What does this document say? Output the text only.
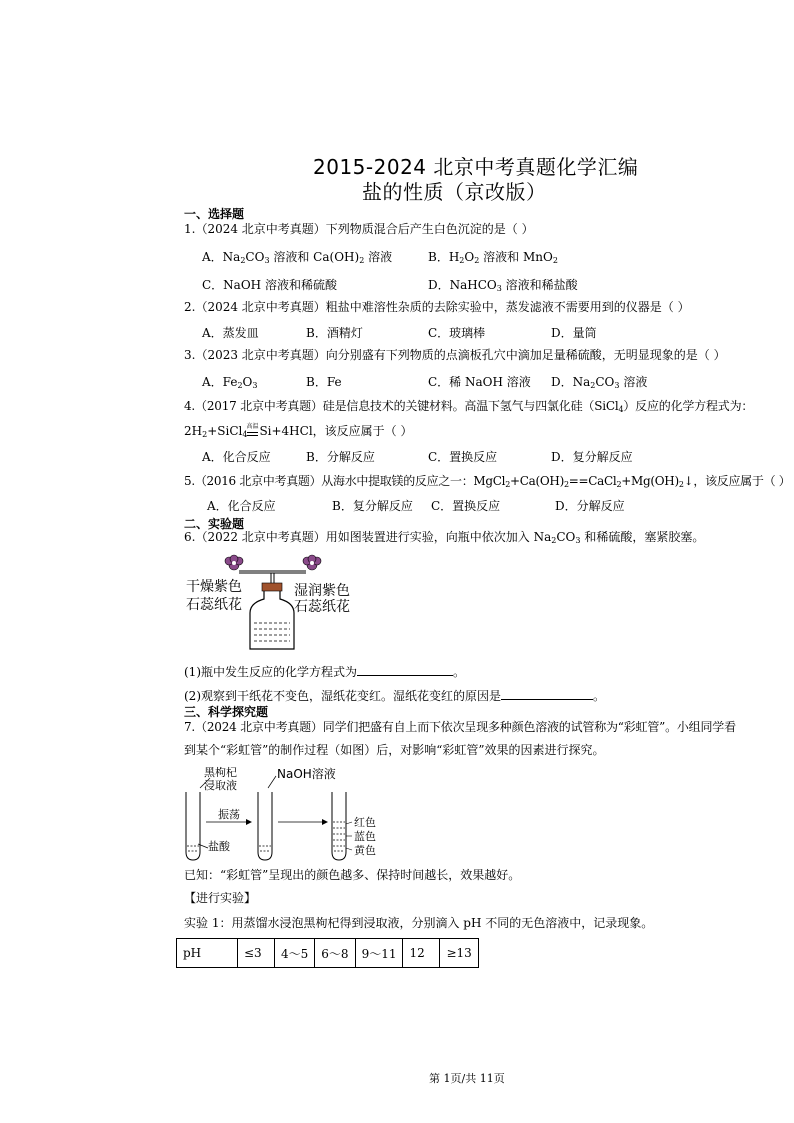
2015-2024 北京中考真题化学汇编
盐的性质（京改版）
一、选择题
1.（2024 北京中考真题）下列物质混合后产生白色沉淀的是（ ）
A．$Na_2CO_3$ 溶液和 $Ca(OH)_2$ 溶液	B．$H_2O_2$ 溶液和 MnO$_2$
C．NaOH 溶液和稀硫酸	D．NaHCO$_3$ 溶液和稀盐酸
2.（2024 北京中考真题）粗盐中难溶性杂质的去除实验中，蒸发滤液不需要用到的仪器是（ ）
A．蒸发皿	B．酒精灯	C．玻璃棒	D．量筒
3.（2023 北京中考真题）向分别盛有下列物质的点滴板孔穴中滴加足量稀硫酸，无明显现象的是（ ）
A．$Fe_2O_3$	B．Fe	C．稀 NaOH 溶液 D．$Na_2CO_3$ 溶液
4.（2017 北京中考真题）硅是信息技术的关键材料。高温下氢气与四氯化硅（SiCl$_4$）反应的化学方程式为：
$2H_2+SiCl_4$
高温 Si+4HCl，该反应属于（ ）
A．化合反应	B．分解反应	C．置换反应	D．复分解反应
5.（2016 北京中考真题）从海水中提取镁的反应之一：$MgCl_2+Ca(OH)_2==CaCl_2+Mg(OH)_2↓$，该反应属于（ ）
A．化合反应	B．复分解反应 C．置换反应	D．分解反应
二、实验题
6.（2022 北京中考真题）用如图装置进行实验，向瓶中依次加入 $Na_2CO_3$ 和稀硫酸，塞紧胶塞。
干燥紫色
石蕊纸花
湿润紫色
石蕊纸花
(1)瓶中发生反应的化学方程式为	。
(2)观察到干纸花不变色，湿纸花变红。湿纸花变红的原因是	。
三、科学探究题
7.（2024 北京中考真题）同学们把盛有自上而下依次呈现多种颜色溶液的试管称为“彩虹管”。小组同学看
到某个“彩虹管”的制作过程（如图）后，对影响“彩虹管”效果的因素进行探究。
黑枸杞
浸取液
NaOH溶液
振荡
盐酸
红色
蓝色
黄色
已知：“彩虹管”呈现出的颜色越多、保持时间越长，效果越好。
【进行实验】
实验 1：用蒸馏水浸泡黑枸杞得到浸取液，分别滴入 pH 不同的无色溶液中，记录现象。
pH	≤3	4～5	6～8	9～11	12	≥13
第 1页/共 11页
